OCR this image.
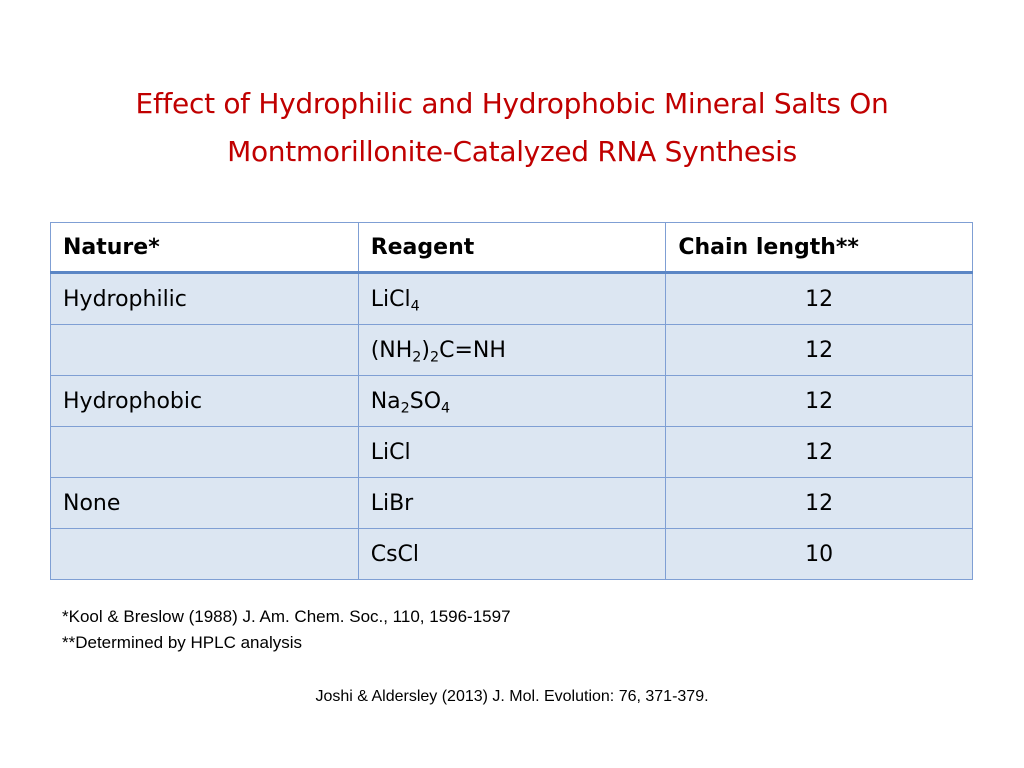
Effect of Hydrophilic and Hydrophobic Mineral Salts On
Montmorillonite-Catalyzed RNA Synthesis
Nature*	Reagent	Chain length**
Hydrophilic	LiCl$_4$	12
	$(NH_2)_2C=NH$	12
Hydrophobic	$Na_2SO_4$	12
	LiCl	12
None	LiBr	12
	CsCl	10
*Kool & Breslow (1988) J. Am. Chem. Soc., 110, 1596-1597
**Determined by HPLC analysis
Joshi & Aldersley (2013) J. Mol. Evolution: 76, 371-379.
